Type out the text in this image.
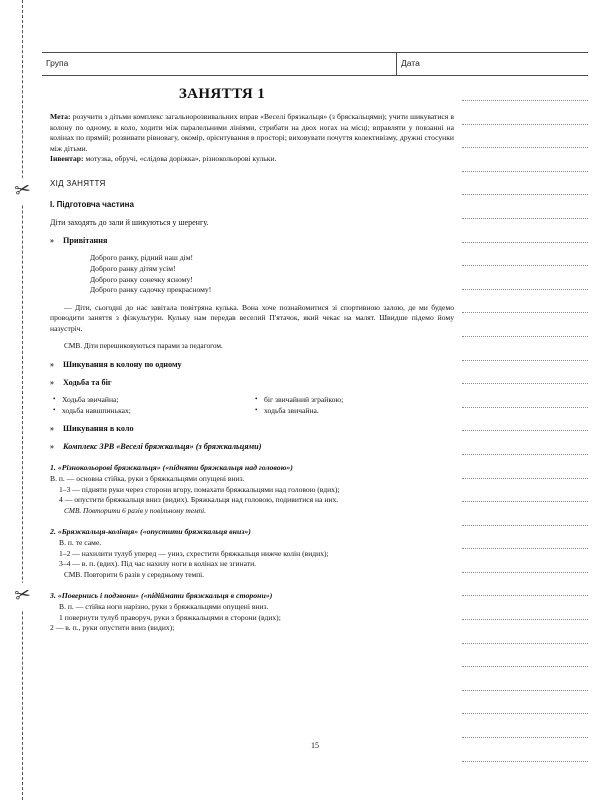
✂
✂
Група	Дата
ЗАНЯТТЯ 1

Мета: розучити з дітьми комплекс загальнорозвивальних вправ «Веселі брязкальця» (з бряскальцями); учити шикуватися в колону по одному, в коло, ходити між паралельними лініями, стрибати на двох ногах на місці; вправляти у повзанні на колінах по прямій; розвивати рівновагу, окомір, орієнтування в просторі; виховувати почуття колективізму, дружні стосунки між дітьми.

Інвентар: мотузка, обручі, «слідова доріжка», різнокольорові кульки.

ХІД ЗАНЯТТЯ

І. Підготовча частина

Діти заходять до зали й шикуються у шеренгу.

»	Привітання

Доброго ранку, рідний наш дім!

Доброго ранку дітям усім!

Доброго ранку сонечку ясному!

Доброго ранку садочку прекрасному!

— Діти, сьогодні до нас завітала повітряна кулька. Вона хоче познайомитися зі спортивною залою, де ми будемо проводити заняття з фізкультури. Кульку нам передав веселий П'ятачок, який чекає на малят. Швидше підемо йому назустріч.

СМВ. Діти перешиковуються парами за педагогом.

»	Шикування в колону по одному
»	Ходьба та біг
• Ходьба звичайна;
• ходьба навшпиньках;
• біг звичайний зграйкою;
• ходьба звичайна.
»	Шикування в коло
»	Комплекс ЗРВ «Веселі бряжкальця» (з бряжкальцями)

1. «Різнокольорові бряжкальця» («підняти бряжкальця над головою»)

В. п. — основна стійка, руки з бряжкальцями опущені вниз.

1–3 — підняти руки через сторони вгору, помахати бряжкальцями над головою (вдих);

4 — опустити бряжкальця вниз (видих). Бряжкальця над головою, подивитися на них.

СМВ. Повторити 6 разів у повільному темпі.

2. «Бряжкальця-колінця» («опустити бряжкальця вниз»)

В. п. те саме.

1–2 — нахилити тулуб уперед — униз, схрестити бряжкальця нижче колін (видих);

3–4 — в. п. (вдих). Під час нахилу ноги в колінах не згинати.

СМВ. Повторити 6 разів у середньому темпі.

3. «Повернись і подзвони» («підіймати бряжкальця в сторони»)

В. п. — стійка ноги нарізно, руки з бряжкальцями опущені вниз.

1 повернути тулуб праворуч, руки з бряжкальцями в сторони (вдих);

2 — в. п., руки опустити вниз (видих);

15
